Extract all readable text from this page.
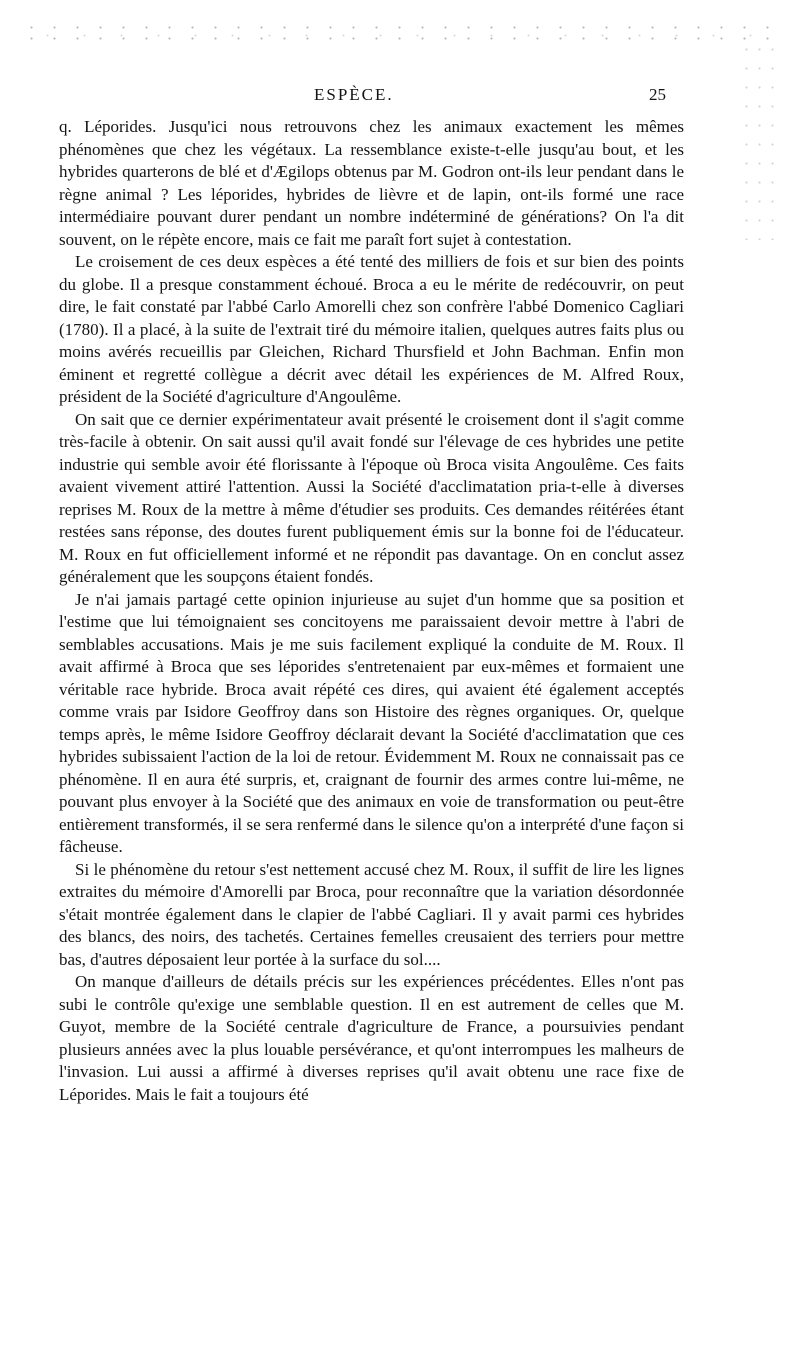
ESPÈCE.	25

q. Léporides. Jusqu'ici nous retrouvons chez les animaux exactement les mêmes phénomènes que chez les végétaux. La ressemblance existe-t-elle jusqu'au bout, et les hybrides quarterons de blé et d'Ægilops obtenus par M. Godron ont-ils leur pendant dans le règne animal ? Les léporides, hybrides de lièvre et de lapin, ont-ils formé une race intermédiaire pouvant durer pendant un nombre indéterminé de générations? On l'a dit souvent, on le répète encore, mais ce fait me paraît fort sujet à contestation.

Le croisement de ces deux espèces a été tenté des milliers de fois et sur bien des points du globe. Il a presque constamment échoué. Broca a eu le mérite de redécouvrir, on peut dire, le fait constaté par l'abbé Carlo Amorelli chez son confrère l'abbé Domenico Cagliari (1780). Il a placé, à la suite de l'extrait tiré du mémoire italien, quelques autres faits plus ou moins avérés recueillis par Gleichen, Richard Thursfield et John Bachman. Enfin mon éminent et regretté collègue a décrit avec détail les expériences de M. Alfred Roux, président de la Société d'agriculture d'Angoulême.

On sait que ce dernier expérimentateur avait présenté le croisement dont il s'agit comme très-facile à obtenir. On sait aussi qu'il avait fondé sur l'élevage de ces hybrides une petite industrie qui semble avoir été florissante à l'époque où Broca visita Angoulême. Ces faits avaient vivement attiré l'attention. Aussi la Société d'acclimatation pria-t-elle à diverses reprises M. Roux de la mettre à même d'étudier ses produits. Ces demandes réitérées étant restées sans réponse, des doutes furent publiquement émis sur la bonne foi de l'éducateur. M. Roux en fut officiellement informé et ne répondit pas davantage. On en conclut assez généralement que les soupçons étaient fondés.

Je n'ai jamais partagé cette opinion injurieuse au sujet d'un homme que sa position et l'estime que lui témoignaient ses concitoyens me paraissaient devoir mettre à l'abri de semblables accusations. Mais je me suis facilement expliqué la conduite de M. Roux. Il avait affirmé à Broca que ses léporides s'entretenaient par eux-mêmes et formaient une véritable race hybride. Broca avait répété ces dires, qui avaient été également acceptés comme vrais par Isidore Geoffroy dans son Histoire des règnes organiques. Or, quelque temps après, le même Isidore Geoffroy déclarait devant la Société d'acclimatation que ces hybrides subissaient l'action de la loi de retour. Évidemment M. Roux ne connaissait pas ce phénomène. Il en aura été surpris, et, craignant de fournir des armes contre lui-même, ne pouvant plus envoyer à la Société que des animaux en voie de transformation ou peut-être entièrement transformés, il se sera renfermé dans le silence qu'on a interprété d'une façon si fâcheuse.

Si le phénomène du retour s'est nettement accusé chez M. Roux, il suffit de lire les lignes extraites du mémoire d'Amorelli par Broca, pour reconnaître que la variation désordonnée s'était montrée également dans le clapier de l'abbé Cagliari. Il y avait parmi ces hybrides des blancs, des noirs, des tachetés. Certaines femelles creusaient des terriers pour mettre bas, d'autres déposaient leur portée à la surface du sol....

On manque d'ailleurs de détails précis sur les expériences précédentes. Elles n'ont pas subi le contrôle qu'exige une semblable question. Il en est autrement de celles que M. Guyot, membre de la Société centrale d'agriculture de France, a poursuivies pendant plusieurs années avec la plus louable persévérance, et qu'ont interrompues les malheurs de l'invasion. Lui aussi a affirmé à diverses reprises qu'il avait obtenu une race fixe de Léporides. Mais le fait a toujours été
